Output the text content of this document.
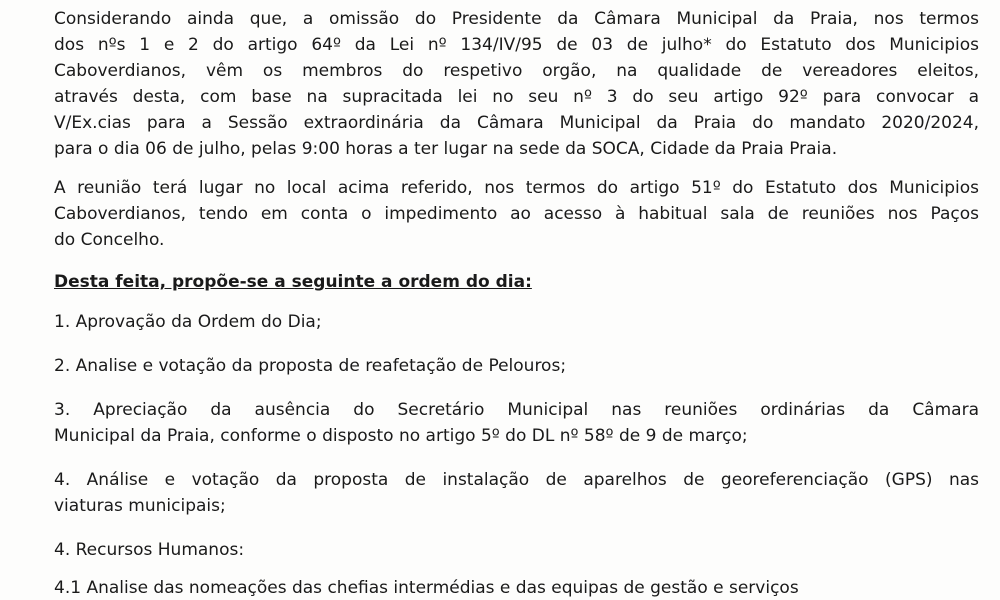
Considerando ainda que, a omissão do Presidente da Câmara Municipal da Praia, nos termos
dos nºs 1 e 2 do artigo 64º da Lei nº 134/IV/95 de 03 de julho* do Estatuto dos Municipios
Caboverdianos, vêm os membros do respetivo orgão, na qualidade de vereadores eleitos,
através desta, com base na supracitada lei no seu nº 3 do seu artigo 92º para convocar a
V/Ex.cias para a Sessão extraordinária da Câmara Municipal da Praia do mandato 2020/2024,
para o dia 06 de julho, pelas 9:00 horas a ter lugar na sede da SOCA, Cidade da Praia Praia.

A reunião terá lugar no local acima referido, nos termos do artigo 51º do Estatuto dos Municipios
Caboverdianos, tendo em conta o impedimento ao acesso à habitual sala de reuniões nos Paços
do Concelho.

Desta feita, propõe-se a seguinte a ordem do dia:

1. Aprovação da Ordem do Dia;

2. Analise e votação da proposta de reafetação de Pelouros;

3. Apreciação da ausência do Secretário Municipal nas reuniões ordinárias da Câmara
Municipal da Praia, conforme o disposto no artigo 5º do DL nº 58º de 9 de março;

4. Análise e votação da proposta de instalação de aparelhos de georeferenciação (GPS) nas
viaturas municipais;

4. Recursos Humanos:

4.1 Analise das nomeações das chefias intermédias e das equipas de gestão e serviços
